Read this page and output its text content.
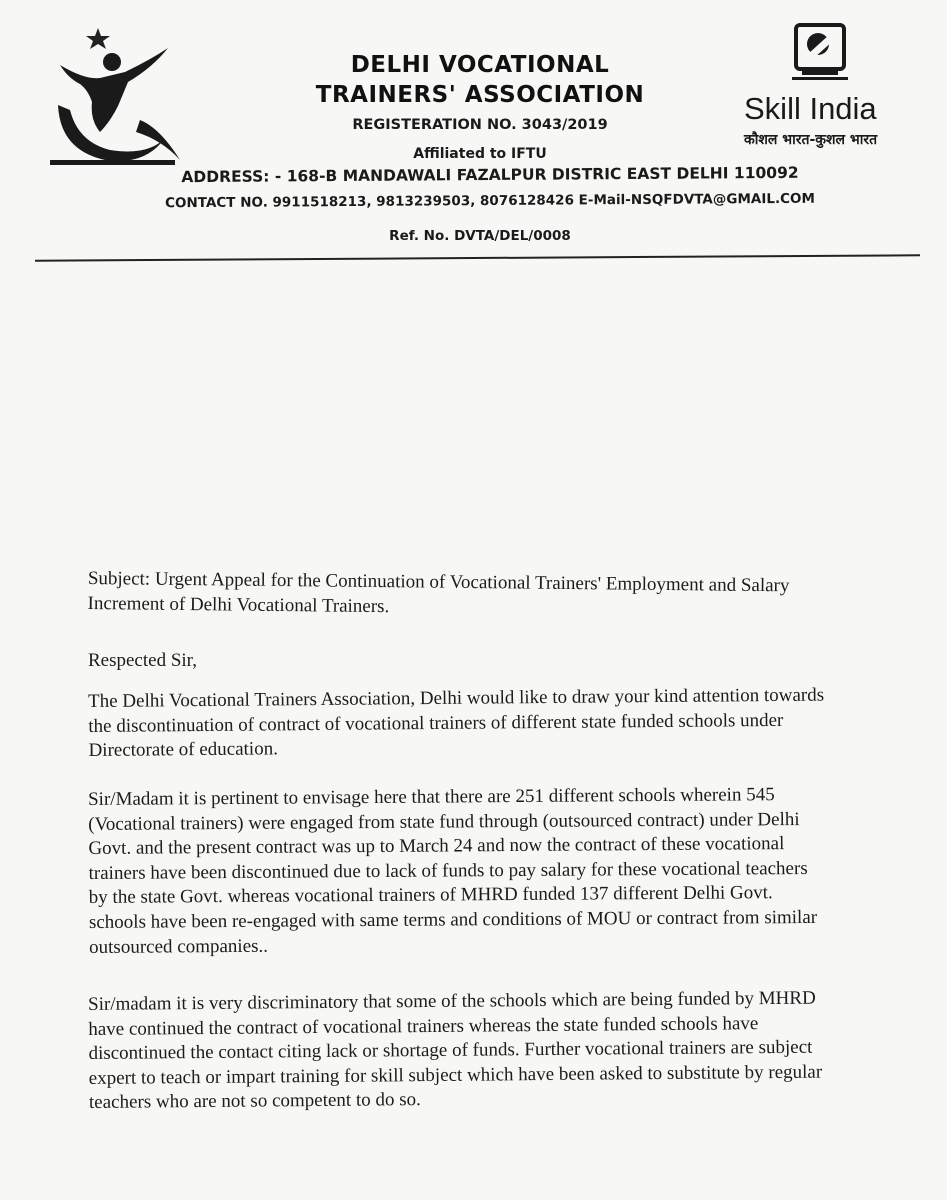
DELHI VOCATIONAL
TRAINERS' ASSOCIATION
REGISTERATION NO. 3043/2019
Affiliated to IFTU
Skill India
कौशल भारत-कुशल भारत
ADDRESS: - 168-B MANDAWALI FAZALPUR DISTRIC EAST DELHI 110092
CONTACT NO. 9911518213, 9813239503, 8076128426 E-Mail-NSQFDVTA@GMAIL.COM
Ref. No. DVTA/DEL/0008
Subject: Urgent Appeal for the Continuation of Vocational Trainers' Employment and Salary
Increment of Delhi Vocational Trainers.
Respected Sir,
The Delhi Vocational Trainers Association, Delhi would like to draw your kind attention towards
the discontinuation of contract of vocational trainers of different state funded schools under
Directorate of education.
Sir/Madam it is pertinent to envisage here that there are 251 different schools wherein 545
(Vocational trainers) were engaged from state fund through (outsourced contract) under Delhi
Govt. and the present contract was up to March 24 and now the contract of these vocational
trainers have been discontinued due to lack of funds to pay salary for these vocational teachers
by the state Govt. whereas vocational trainers of MHRD funded 137 different Delhi Govt.
schools have been re-engaged with same terms and conditions of MOU or contract from similar
outsourced companies..
Sir/madam it is very discriminatory that some of the schools which are being funded by MHRD
have continued the contract of vocational trainers whereas the state funded schools have
discontinued the contact citing lack or shortage of funds. Further vocational trainers are subject
expert to teach or impart training for skill subject which have been asked to substitute by regular
teachers who are not so competent to do so.
